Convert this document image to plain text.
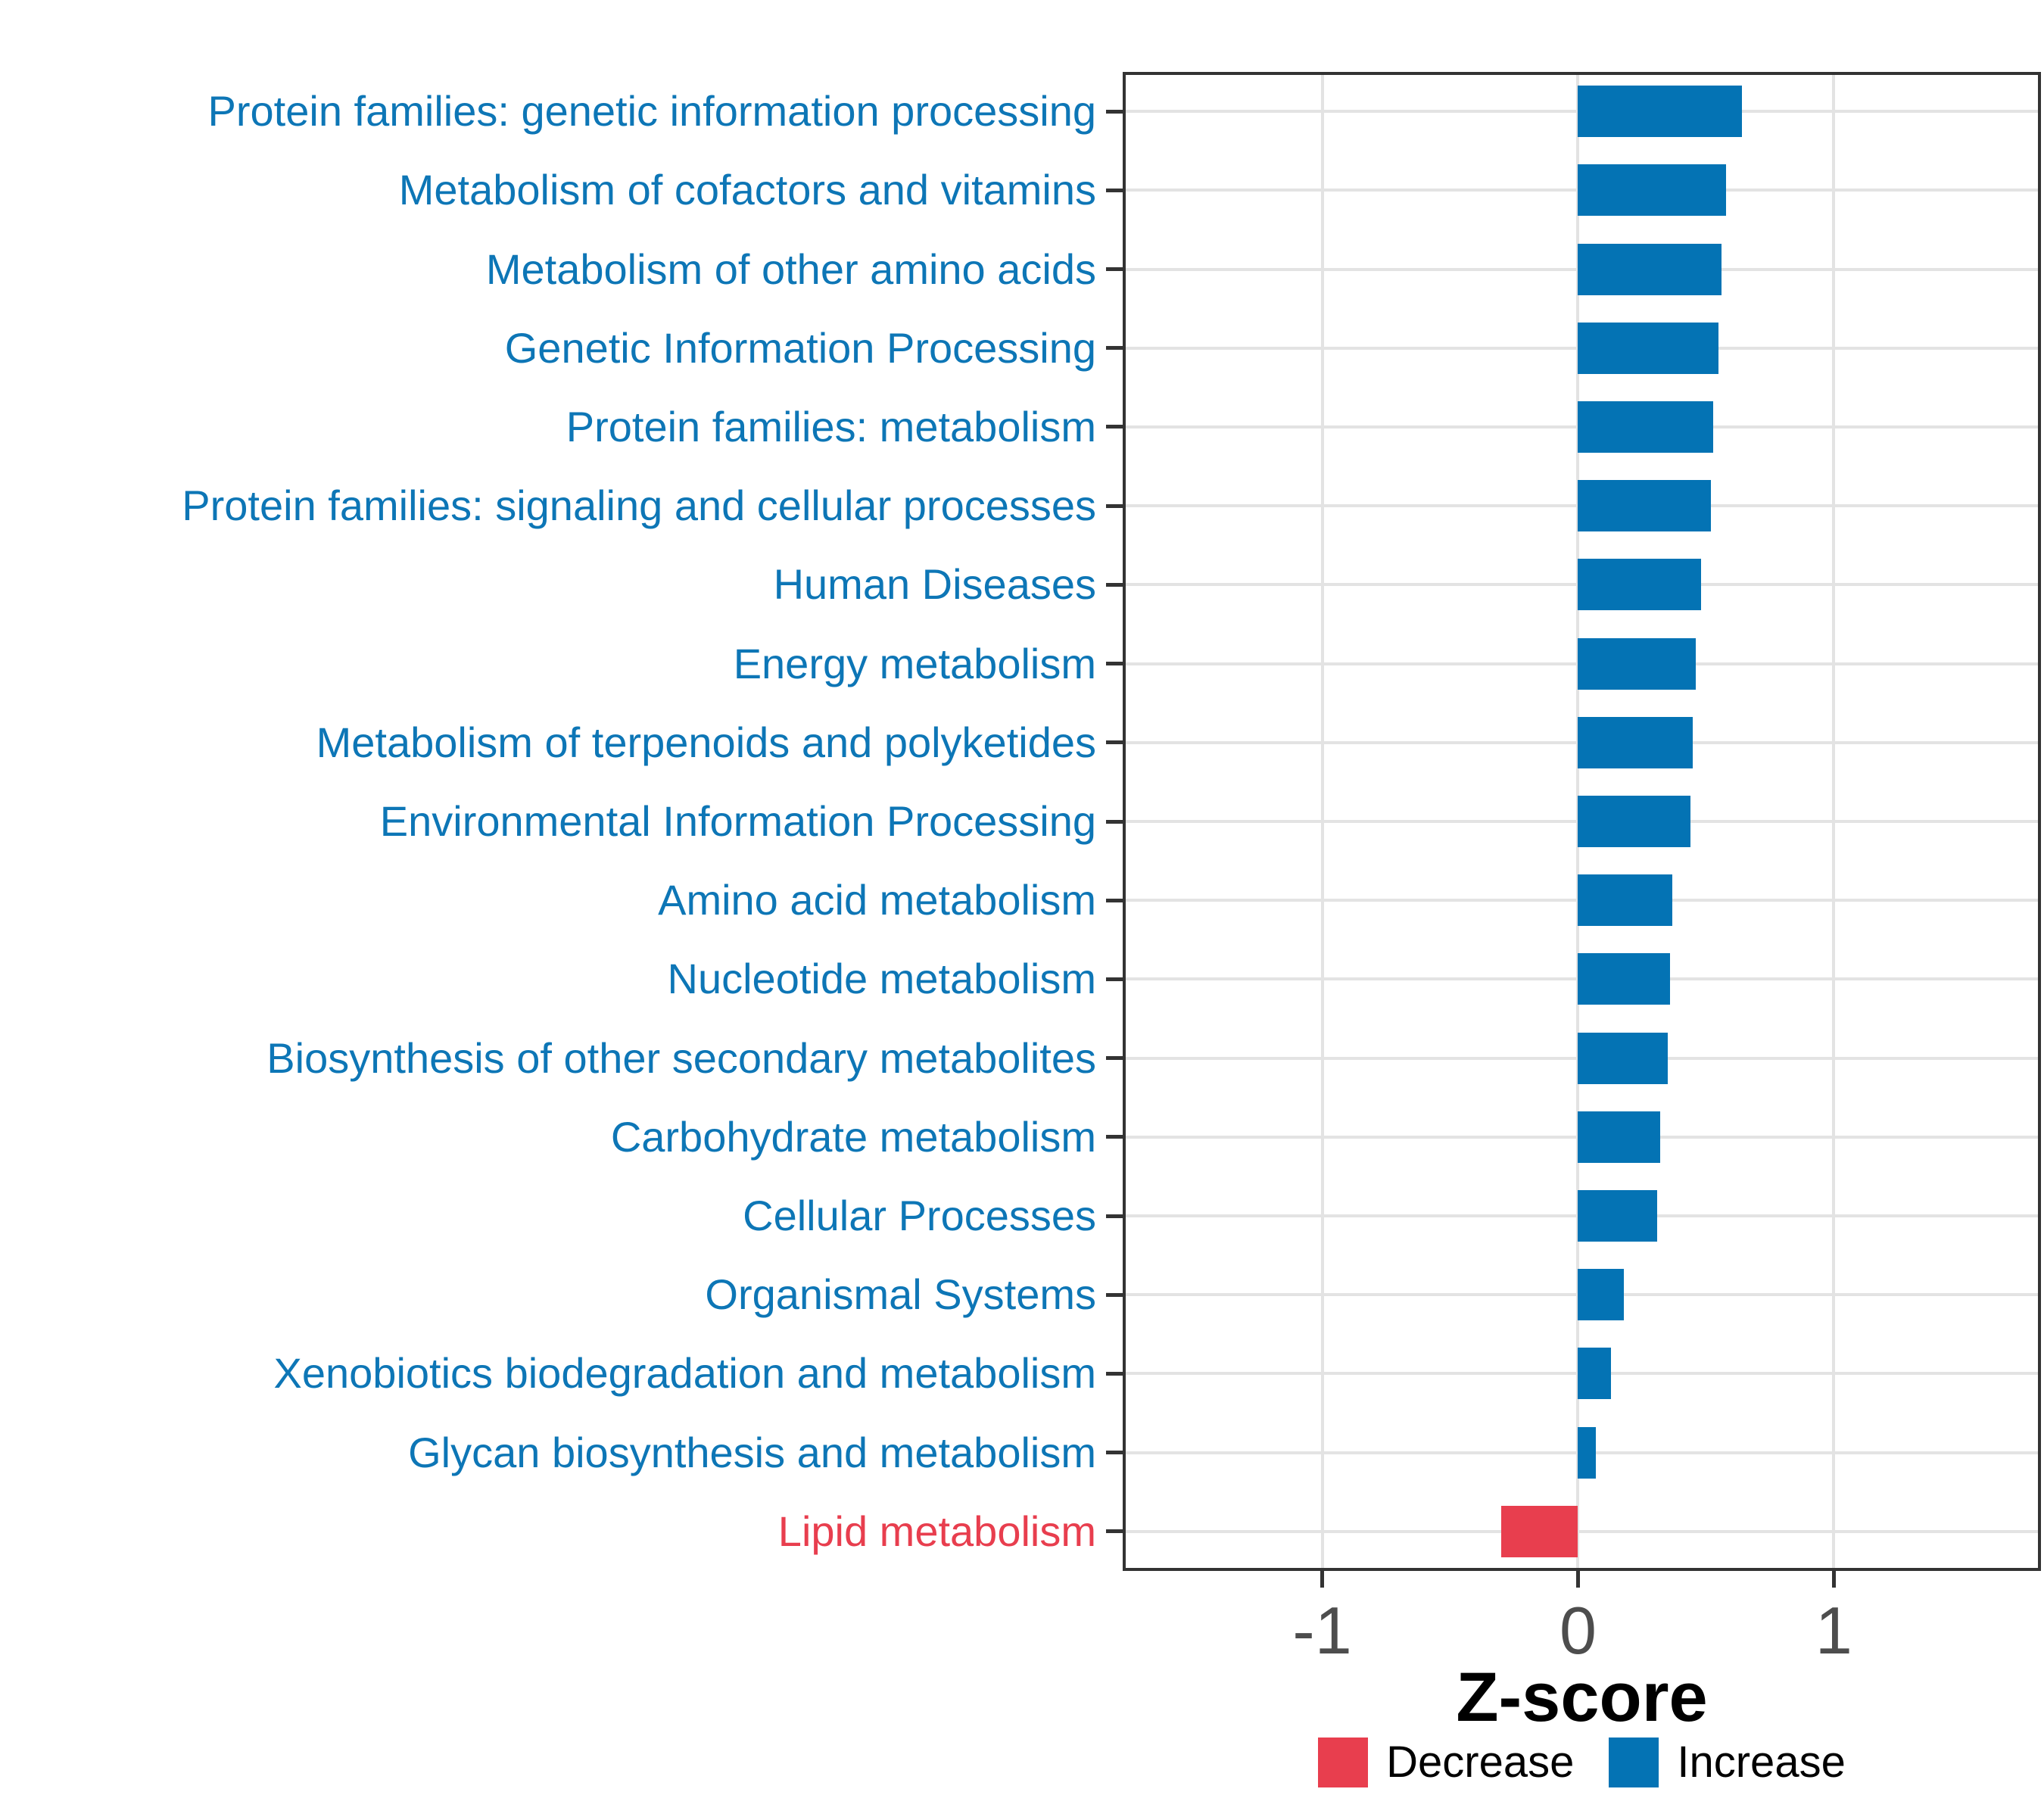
Protein families: genetic information processing
Metabolism of cofactors and vitamins
Metabolism of other amino acids
Genetic Information Processing
Protein families: metabolism
Protein families: signaling and cellular processes
Human Diseases
Energy metabolism
Metabolism of terpenoids and polyketides
Environmental Information Processing
Amino acid metabolism
Nucleotide metabolism
Biosynthesis of other secondary metabolites
Carbohydrate metabolism
Cellular Processes
Organismal Systems
Xenobiotics biodegradation and metabolism
Glycan biosynthesis and metabolism
Lipid metabolism
-1	0	1
Z-score
Decrease Increase
